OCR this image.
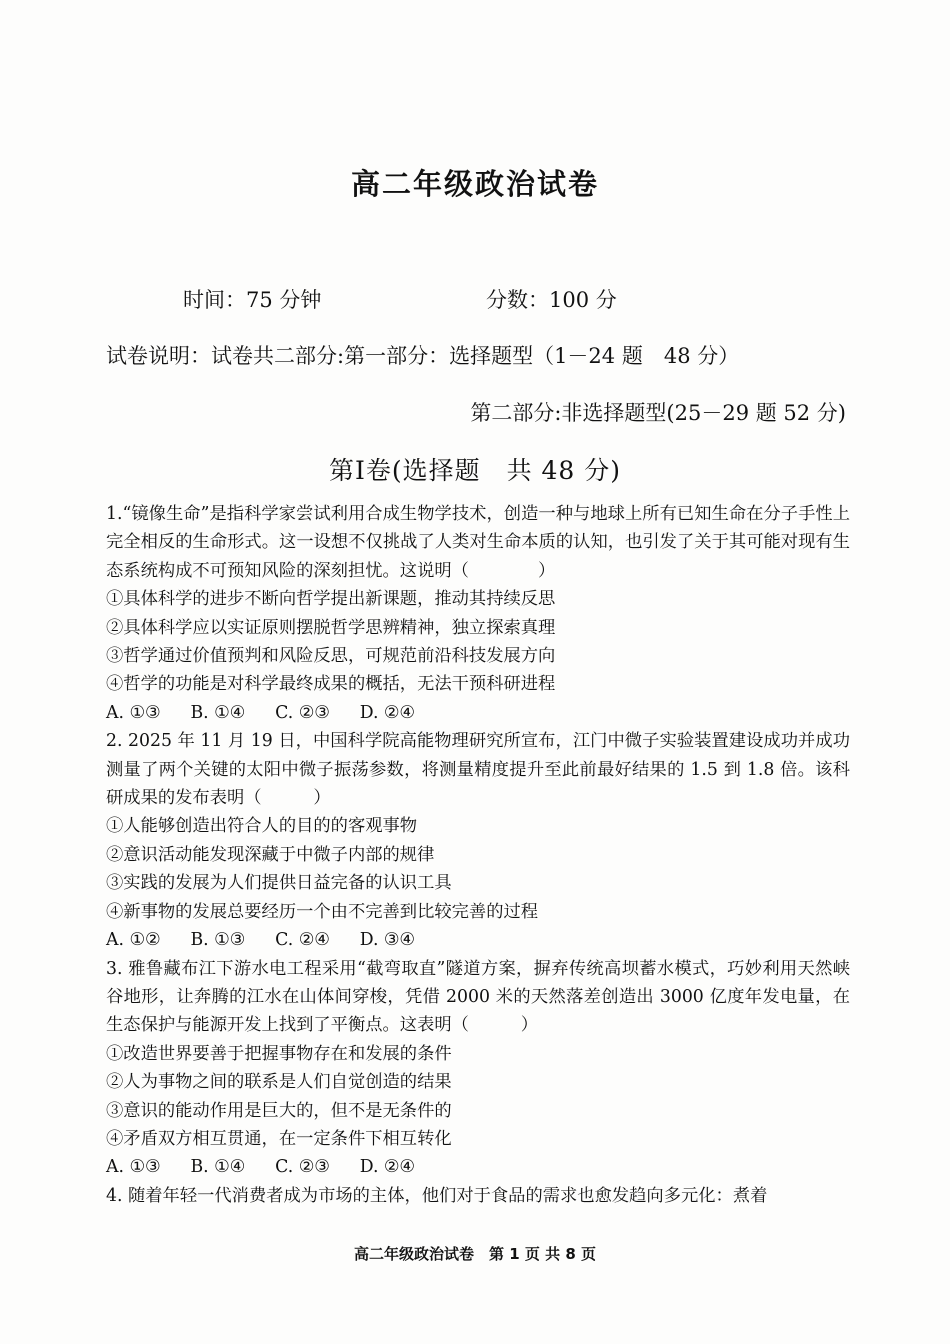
高二年级政治试卷
时间：75 分钟	分数：100 分
试卷说明：试卷共二部分:第一部分：选择题型（1－24 题　48 分）
第二部分:非选择题型(25－29 题 52 分)
第Ⅰ卷(选择题　共 48 分)

1.“镜像生命”是指科学家尝试利用合成生物学技术，创造一种与地球上所有已知生命在分子手性上完全相反的生命形式。这一设想不仅挑战了人类对生命本质的认知，也引发了关于其可能对现有生态系统构成不可预知风险的深刻担忧。这说明（　　　　）

①具体科学的进步不断向哲学提出新课题，推动其持续反思

②具体科学应以实证原则摆脱哲学思辨精神，独立探索真理

③哲学通过价值预判和风险反思，可规范前沿科技发展方向

④哲学的功能是对科学最终成果的概括，无法干预科研进程

A. ①③ B. ①④ C. ②③ D. ②④

2. 2025 年 11 月 19 日，中国科学院高能物理研究所宣布，江门中微子实验装置建设成功并成功测量了两个关键的太阳中微子振荡参数，将测量精度提升至此前最好结果的 1.5 到 1.8 倍。该科研成果的发布表明（　　　）

①人能够创造出符合人的目的的客观事物

②意识活动能发现深藏于中微子内部的规律

③实践的发展为人们提供日益完备的认识工具

④新事物的发展总要经历一个由不完善到比较完善的过程

A. ①② B. ①③ C. ②④ D. ③④

3. 雅鲁藏布江下游水电工程采用“截弯取直”隧道方案，摒弃传统高坝蓄水模式，巧妙利用天然峡谷地形，让奔腾的江水在山体间穿梭，凭借 2000 米的天然落差创造出 3000 亿度年发电量，在生态保护与能源开发上找到了平衡点。这表明（　　　）

①改造世界要善于把握事物存在和发展的条件

②人为事物之间的联系是人们自觉创造的结果

③意识的能动作用是巨大的，但不是无条件的

④矛盾双方相互贯通，在一定条件下相互转化

A. ①③ B. ①④ C. ②③ D. ②④

4. 随着年轻一代消费者成为市场的主体，他们对于食品的需求也愈发趋向多元化：煮着

高二年级政治试卷　第 1 页 共 8 页
